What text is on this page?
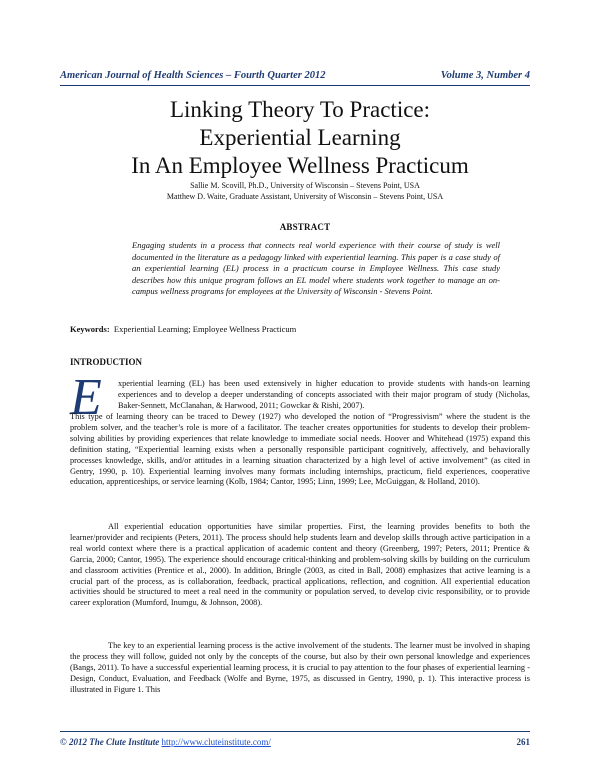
American Journal of Health Sciences – Fourth Quarter 2012	Volume 3, Number 4
Linking Theory To Practice:
Experiential Learning
In An Employee Wellness Practicum
Sallie M. Scovill, Ph.D., University of Wisconsin – Stevens Point, USA
Matthew D. Waite, Graduate Assistant, University of Wisconsin – Stevens Point, USA
ABSTRACT
Engaging students in a process that connects real world experience with their course of study is well documented in the literature as a pedagogy linked with experiential learning. This paper is a case study of an experiential learning (EL) process in a practicum course in Employee Wellness. This case study describes how this unique program follows an EL model where students work together to manage an on-campus wellness programs for employees at the University of Wisconsin - Stevens Point.
Keywords: Experiential Learning; Employee Wellness Practicum
INTRODUCTION
E	xperiential learning (EL) has been used extensively in higher education to provide students with hands-on learning experiences and to develop a deeper understanding of concepts associated with their major program of study (Nicholas, Baker-Sennett, McClanahan, & Harwood, 2011; Gowckar & Rishi, 2007).
This type of learning theory can be traced to Dewey (1927) who developed the notion of “Progressivism” where the student is the problem solver, and the teacher’s role is more of a facilitator. The teacher creates opportunities for students to develop their problem-solving abilities by providing experiences that relate knowledge to immediate social needs. Hoover and Whitehead (1975) expand this definition stating, “Experiential learning exists when a personally responsible participant cognitively, affectively, and behaviorally processes knowledge, skills, and/or attitudes in a learning situation characterized by a high level of active involvement” (as cited in Gentry, 1990, p. 10). Experiential learning involves many formats including internships, practicum, field experiences, cooperative education, apprenticeships, or service learning (Kolb, 1984; Cantor, 1995; Linn, 1999; Lee, McGuiggan, & Holland, 2010).
All experiential education opportunities have similar properties. First, the learning provides benefits to both the learner/provider and recipients (Peters, 2011). The process should help students learn and develop skills through active participation in a real world context where there is a practical application of academic content and theory (Greenberg, 1997; Peters, 2011; Prentice & Garcia, 2000; Cantor, 1995). The experience should encourage critical-thinking and problem-solving skills by building on the curriculum and classroom activities (Prentice et al., 2000). In addition, Bringle (2003, as cited in Ball, 2008) emphasizes that active learning is a crucial part of the process, as is collaboration, feedback, practical applications, reflection, and cognition. All experiential education activities should be structured to meet a real need in the community or population served, to develop civic responsibility, or to provide career exploration (Mumford, Inumgu, & Johnson, 2008).
The key to an experiential learning process is the active involvement of the students. The learner must be involved in shaping the process they will follow, guided not only by the concepts of the course, but also by their own personal knowledge and experiences (Bangs, 2011). To have a successful experiential learning process, it is crucial to pay attention to the four phases of experiential learning - Design, Conduct, Evaluation, and Feedback (Wolfe and Byrne, 1975, as discussed in Gentry, 1990, p. 1). This interactive process is illustrated in Figure 1. This
© 2012 The Clute Institute http://www.cluteinstitute.com/	261
